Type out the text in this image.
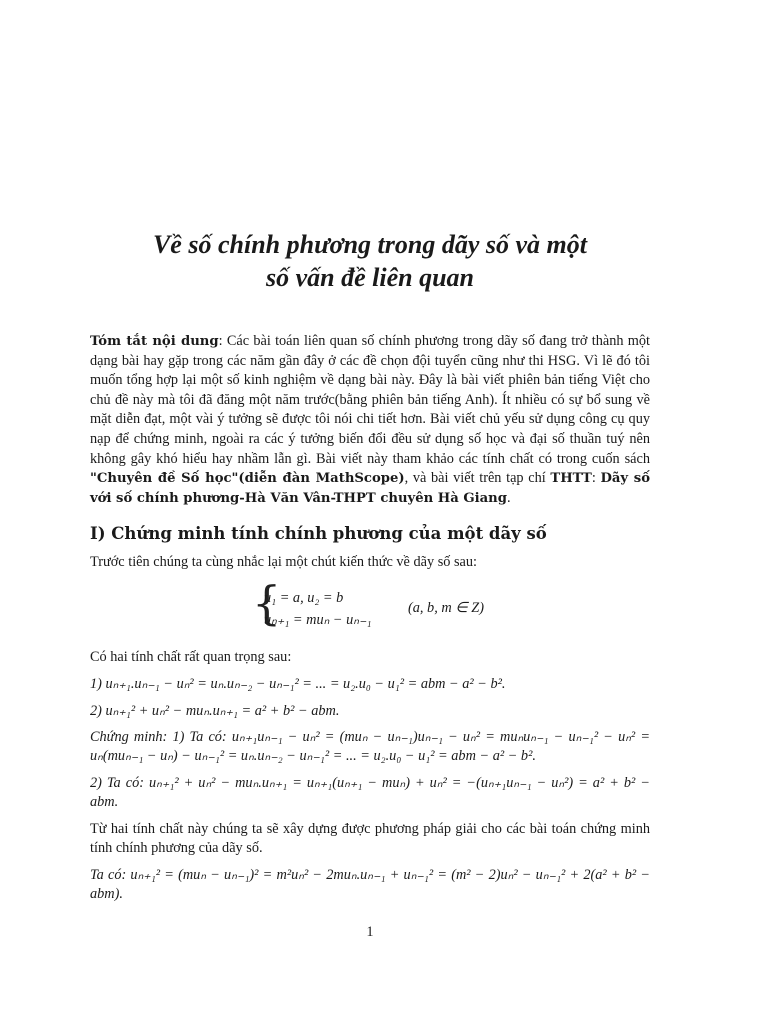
Về số chính phương trong dãy số và một
số vấn đề liên quan
Tóm tắt nội dung: Các bài toán liên quan số chính phương trong dãy số đang trở thành một dạng bài hay gặp trong các năm gần đây ở các đề chọn đội tuyển cũng như thi HSG. Vì lẽ đó tôi muốn tổng hợp lại một số kinh nghiệm về dạng bài này. Đây là bài viết phiên bản tiếng Việt cho chủ đề này mà tôi đã đăng một năm trước(bằng phiên bản tiếng Anh). Ít nhiều có sự bổ sung về mặt diễn đạt, một vài ý tưởng sẽ được tôi nói chi tiết hơn. Bài viết chủ yếu sử dụng công cụ quy nạp để chứng minh, ngoài ra các ý tưởng biến đổi đều sử dụng số học và đại số thuần tuý nên không gây khó hiểu hay nhầm lẫn gì. Bài viết này tham khảo các tính chất có trong cuốn sách "Chuyên đề Số học"(diễn đàn MathScope), và bài viết trên tạp chí THTT: Dãy số với số chính phương-Hà Văn Vân-THPT chuyên Hà Giang.
I) Chứng minh tính chính phương của một dãy số
Trước tiên chúng ta cùng nhắc lại một chút kiến thức về dãy số sau:
{
u₁ = a, u₂ = b
uₙ₊₁ = muₙ − uₙ₋₁
(a, b, m ∈ Z)
Có hai tính chất rất quan trọng sau:
1) uₙ₊₁.uₙ₋₁ − uₙ² = uₙ.uₙ₋₂ − uₙ₋₁² = ... = u₂.u₀ − u₁² = abm − a² − b².
2) uₙ₊₁² + uₙ² − muₙ.uₙ₊₁ = a² + b² − abm.
Chứng minh: 1) Ta có: uₙ₊₁uₙ₋₁ − uₙ² = (muₙ − uₙ₋₁)uₙ₋₁ − uₙ² = muₙuₙ₋₁ − uₙ₋₁² − uₙ² = uₙ(muₙ₋₁ − uₙ) − uₙ₋₁² = uₙ.uₙ₋₂ − uₙ₋₁² = ... = u₂.u₀ − u₁² = abm − a² − b².
2) Ta có: uₙ₊₁² + uₙ² − muₙ.uₙ₊₁ = uₙ₊₁(uₙ₊₁ − muₙ) + uₙ² = −(uₙ₊₁uₙ₋₁ − uₙ²) = a² + b² − abm.
Từ hai tính chất này chúng ta sẽ xây dựng được phương pháp giải cho các bài toán chứng minh tính chính phương của dãy số.
Ta có: uₙ₊₁² = (muₙ − uₙ₋₁)² = m²uₙ² − 2muₙ.uₙ₋₁ + uₙ₋₁² = (m² − 2)uₙ² − uₙ₋₁² + 2(a² + b² − abm).
1
